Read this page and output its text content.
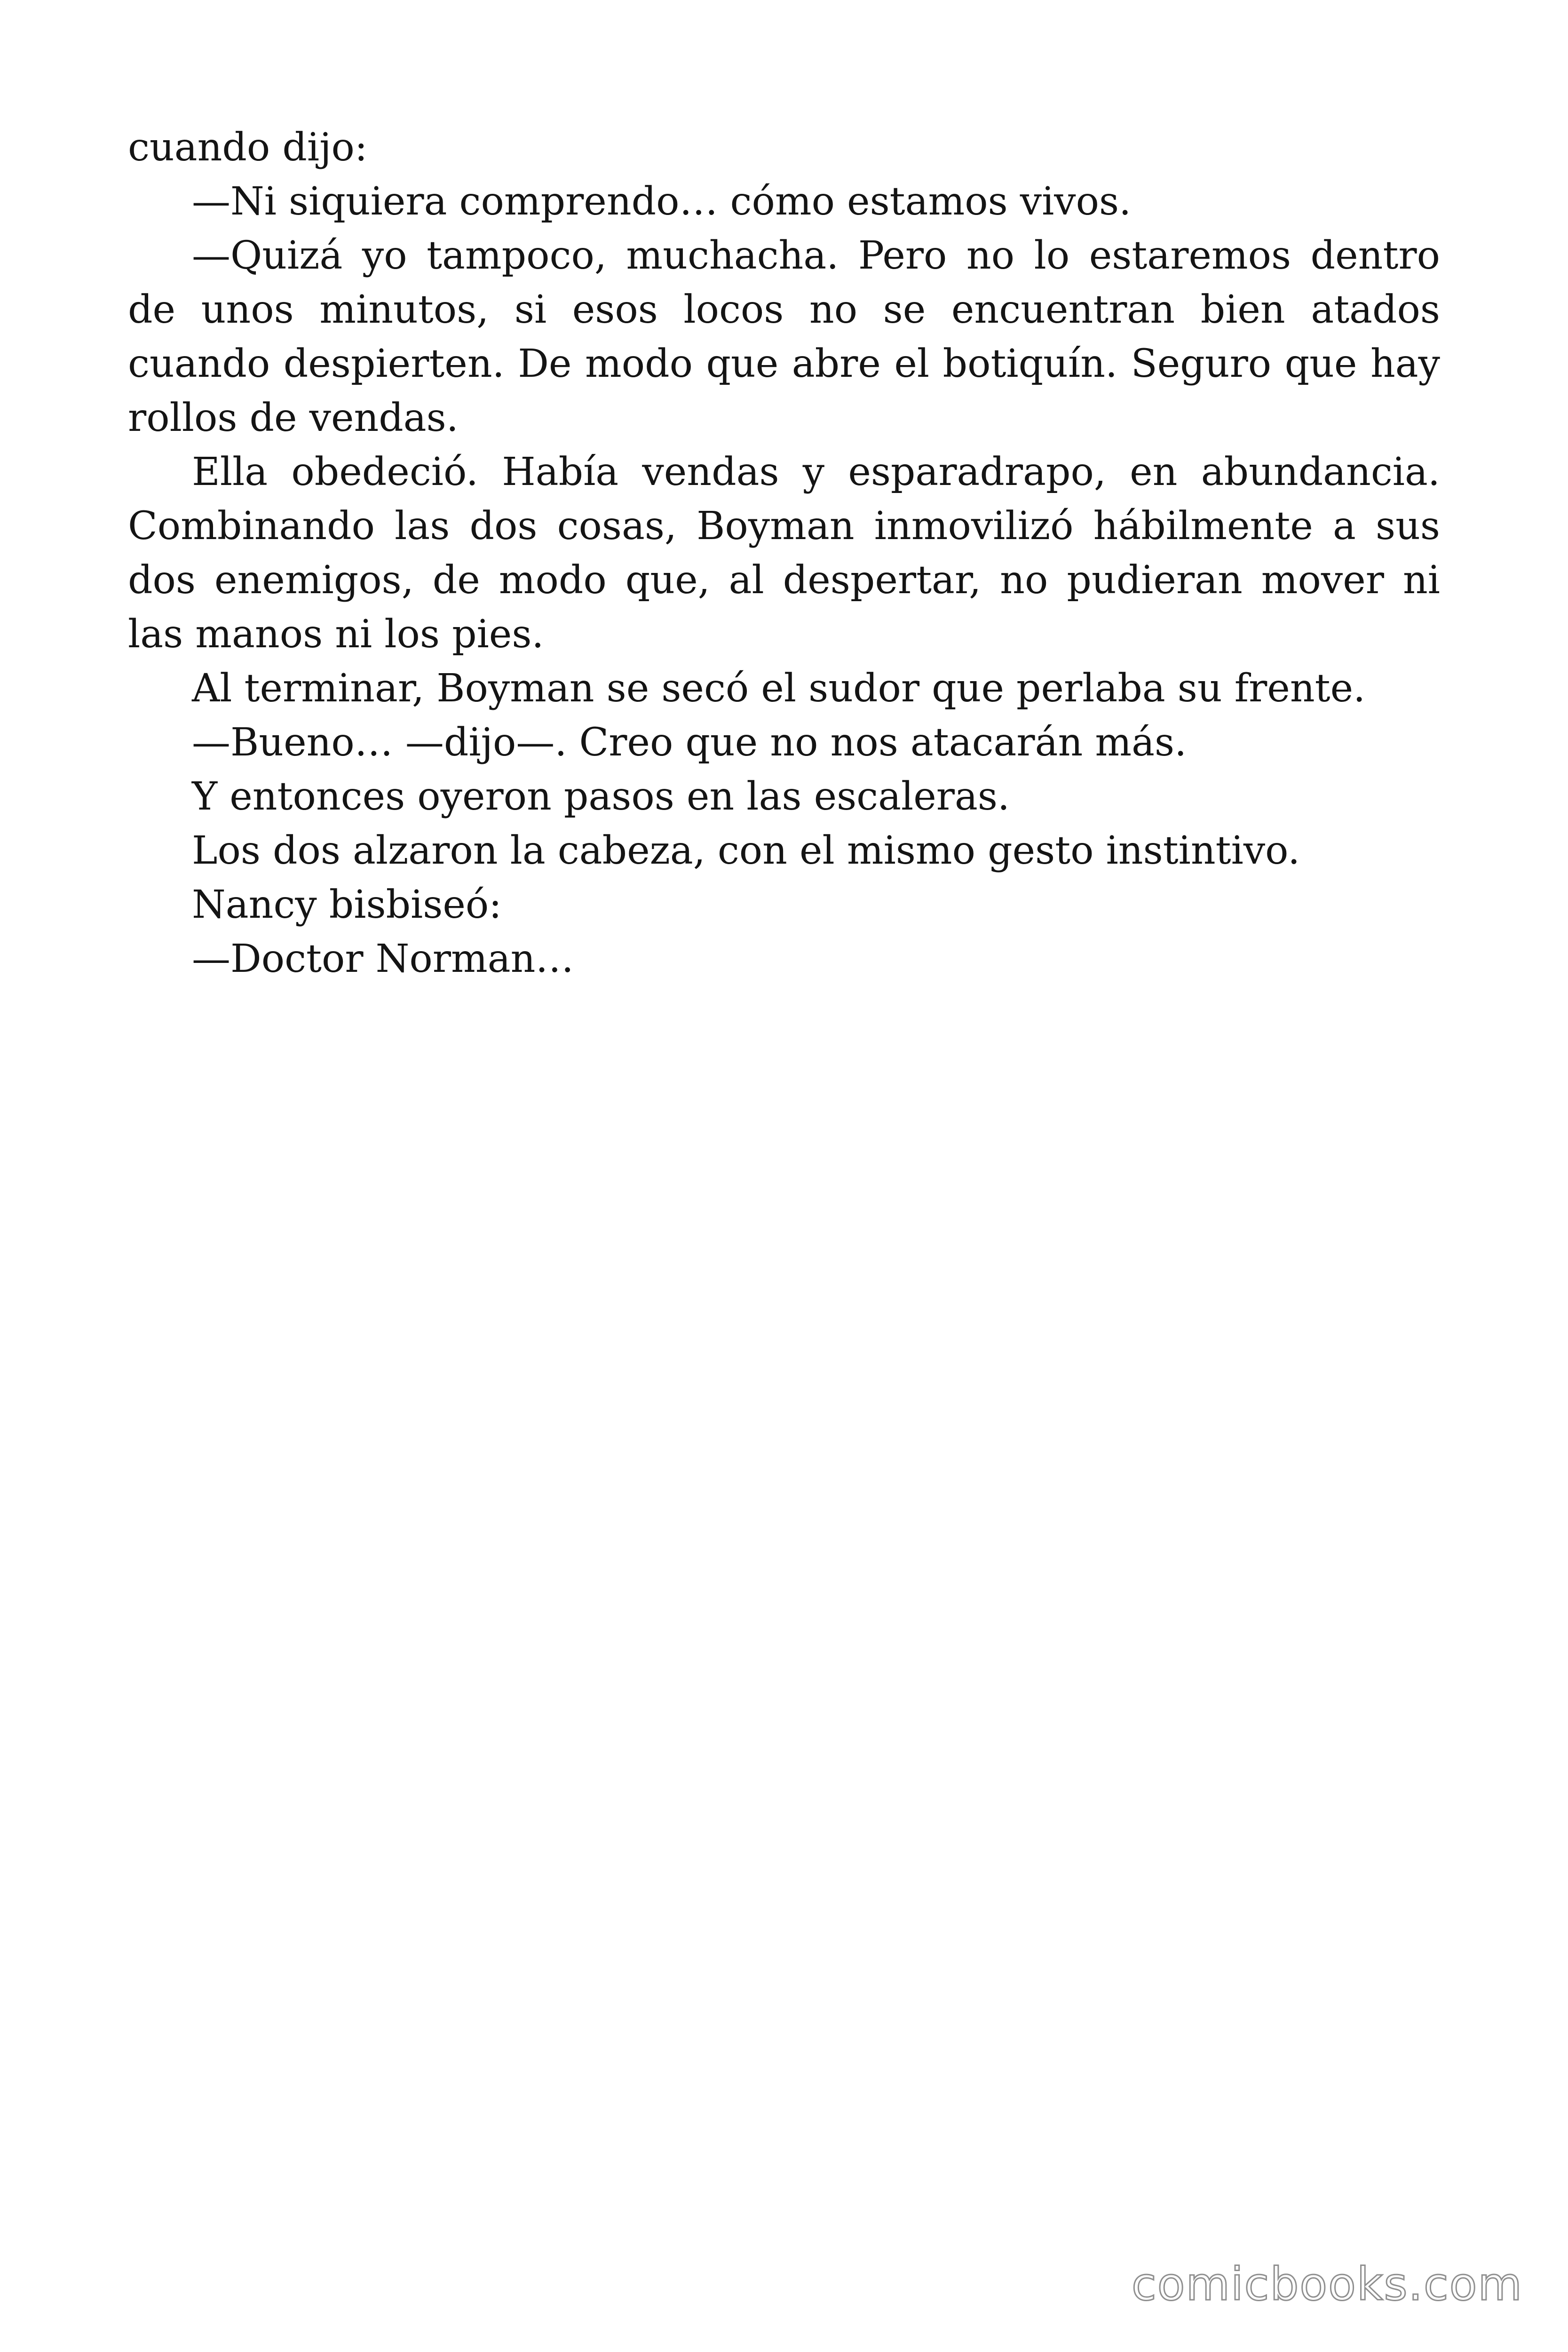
cuando dijo:

—Ni siquiera comprendo… cómo estamos vivos.

—Quizá yo tampoco, muchacha. Pero no lo estaremos dentro de unos minutos, si esos locos no se encuentran bien atados cuando despierten. De modo que abre el botiquín. Seguro que hay rollos de vendas.

Ella obedeció. Había vendas y esparadrapo, en abundancia. Combinando las dos cosas, Boyman inmovilizó hábilmente a sus dos enemigos, de modo que, al despertar, no pudieran mover ni las manos ni los pies.

Al terminar, Boyman se secó el sudor que perlaba su frente.

—Bueno… —dijo—. Creo que no nos atacarán más.

Y entonces oyeron pasos en las escaleras.

Los dos alzaron la cabeza, con el mismo gesto instintivo.

Nancy bisbiseó:

—Doctor Norman…

comicbooks.com
